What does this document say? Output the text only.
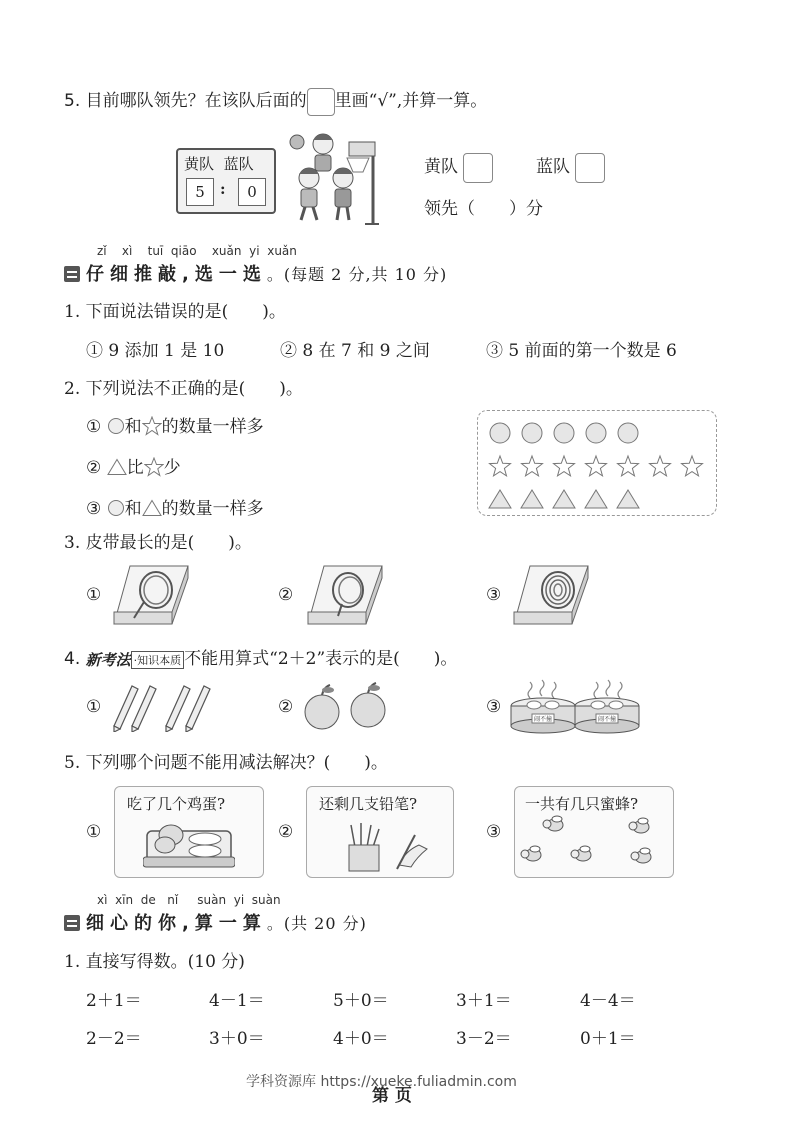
5. 目前哪队领先？在该队后面的 里画“√”,并算一算。
黄队 蓝队
5	:	0
黄队	蓝队
领先（　　）分
zǐ xì tuī qiāo xuǎn yi xuǎn
仔细推敲,选一选。(每题 2 分,共 10 分)
1. 下面说法错误的是(　　)。
① 9 添加 1 是 10	② 8 在 7 和 9 之间	③ 5 前面的第一个数是 6
2. 下列说法不正确的是(　　)。
① 和 的数量一样多
② 比 少
③ 和 的数量一样多
3. 皮带最长的是(　　)。
①	②	③
4. 新考法 ·知识本质 不能用算式“2＋2”表示的是(　　)。
①	②	③
闹不撞	闹不撞
5. 下列哪个问题不能用减法解决？(　　)。
①
吃了几个鸡蛋?
②
还剩几支铅笔?
③
一共有几只蜜蜂?
xì xīn de nǐ suàn yi suàn
细心的你,算一算。(共 20 分)
1. 直接写得数。(10 分)
2＋1＝	4－1＝	5＋0＝	3＋1＝	4－4＝
2－2＝	3＋0＝	4＋0＝	3－2＝	0＋1＝
学科资源库 https://xueke.fuliadmin.com
第 页
